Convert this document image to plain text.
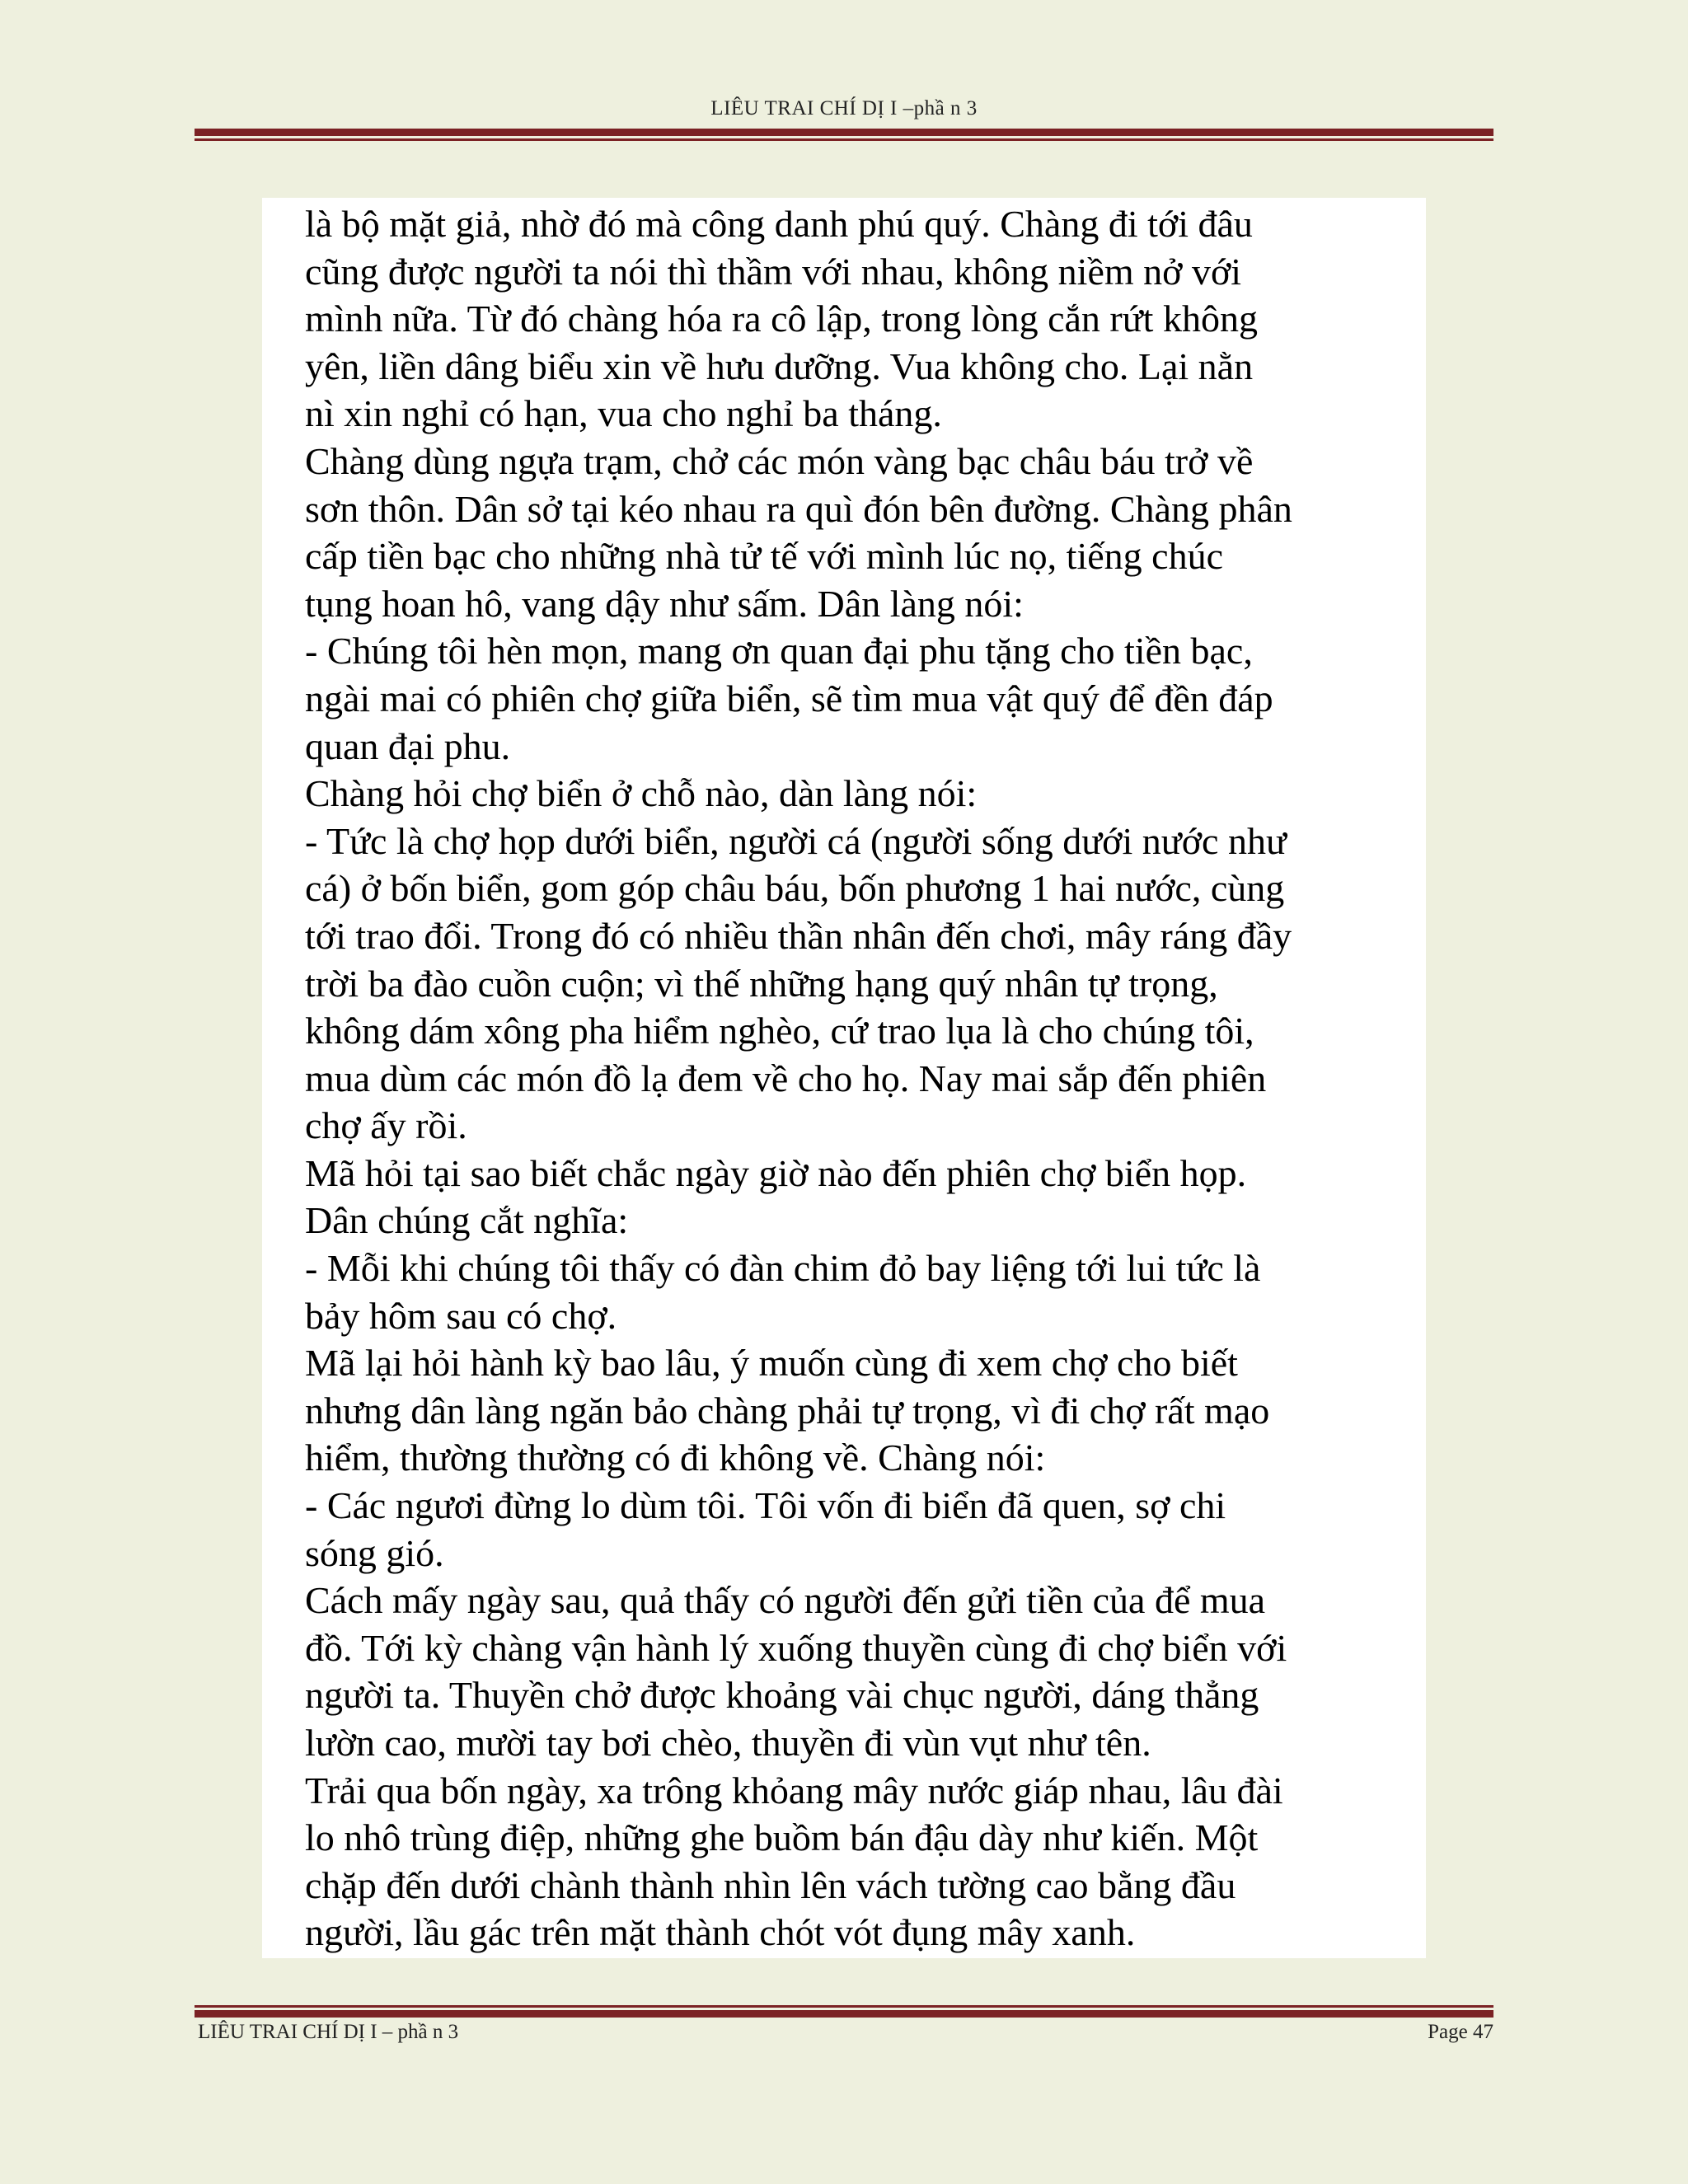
LIÊU TRAI CHÍ DỊ I –phầ n 3
là bộ mặt giả, nhờ đó mà công danh phú quý. Chàng đi tới đâu
cũng được người ta nói thì thầm với nhau, không niềm nở với
mình nữa. Từ đó chàng hóa ra cô lập, trong lòng cắn rứt không
yên, liền dâng biểu xin về hưu dưỡng. Vua không cho. Lại nằn
nì xin nghỉ có hạn, vua cho nghỉ ba tháng.
Chàng dùng ngựa trạm, chở các món vàng bạc châu báu trở về
sơn thôn. Dân sở tại kéo nhau ra quì đón bên đường. Chàng phân
cấp tiền bạc cho những nhà tử tế với mình lúc nọ, tiếng chúc
tụng hoan hô, vang dậy như sấm. Dân làng nói:
- Chúng tôi hèn mọn, mang ơn quan đại phu tặng cho tiền bạc,
ngài mai có phiên chợ giữa biển, sẽ tìm mua vật quý để đền đáp
quan đại phu.
Chàng hỏi chợ biển ở chỗ nào, dàn làng nói:
- Tức là chợ họp dưới biển, người cá (người sống dưới nước như
cá) ở bốn biển, gom góp châu báu, bốn phương 1 hai nước, cùng
tới trao đổi. Trong đó có nhiều thần nhân đến chơi, mây ráng đầy
trời ba đào cuồn cuộn; vì thế những hạng quý nhân tự trọng,
không dám xông pha hiểm nghèo, cứ trao lụa là cho chúng tôi,
mua dùm các món đồ lạ đem về cho họ. Nay mai sắp đến phiên
chợ ấy rồi.
Mã hỏi tại sao biết chắc ngày giờ nào đến phiên chợ biển họp.
Dân chúng cắt nghĩa:
- Mỗi khi chúng tôi thấy có đàn chim đỏ bay liệng tới lui tức là
bảy hôm sau có chợ.
Mã lại hỏi hành kỳ bao lâu, ý muốn cùng đi xem chợ cho biết
nhưng dân làng ngăn bảo chàng phải tự trọng, vì đi chợ rất mạo
hiểm, thường thường có đi không về. Chàng nói:
- Các ngươi đừng lo dùm tôi. Tôi vốn đi biển đã quen, sợ chi
sóng gió.
Cách mấy ngày sau, quả thấy có người đến gửi tiền của để mua
đồ. Tới kỳ chàng vận hành lý xuống thuyền cùng đi chợ biển với
người ta. Thuyền chở được khoảng vài chục người, dáng thẳng
lườn cao, mười tay bơi chèo, thuyền đi vùn vụt như tên.
Trải qua bốn ngày, xa trông khỏang mây nước giáp nhau, lâu đài
lo nhô trùng điệp, những ghe buồm bán đậu dày như kiến. Một
chặp đến dưới chành thành nhìn lên vách tường cao bằng đầu
người, lầu gác trên mặt thành chót vót đụng mây xanh.
LIÊU TRAI CHÍ DỊ I – phầ n 3	Page 47
